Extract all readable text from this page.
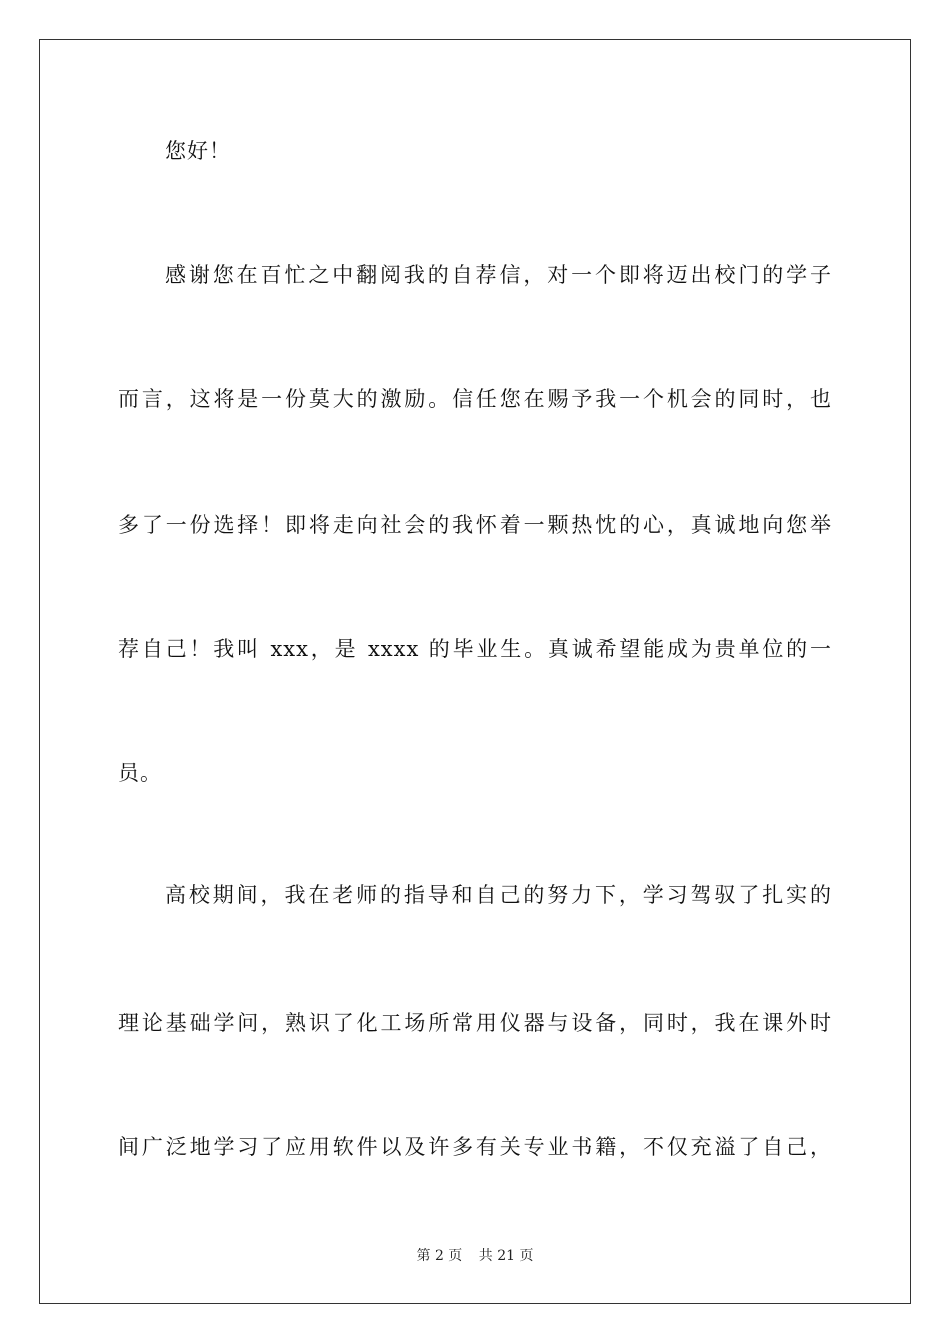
您好！
感谢您在百忙之中翻阅我的自荐信，对一个即将迈出校门的学子
而言，这将是一份莫大的激励。信任您在赐予我一个机会的同时，也
多了一份选择！即将走向社会的我怀着一颗热忱的心，真诚地向您举
荐自己！我叫 xxx，是 xxxx 的毕业生。真诚希望能成为贵单位的一
员。
高校期间，我在老师的指导和自己的努力下，学习驾驭了扎实的
理论基础学问，熟识了化工场所常用仪器与设备，同时，我在课外时
间广泛地学习了应用软件以及许多有关专业书籍，不仅充溢了自己，
第 2 页 共 21 页
